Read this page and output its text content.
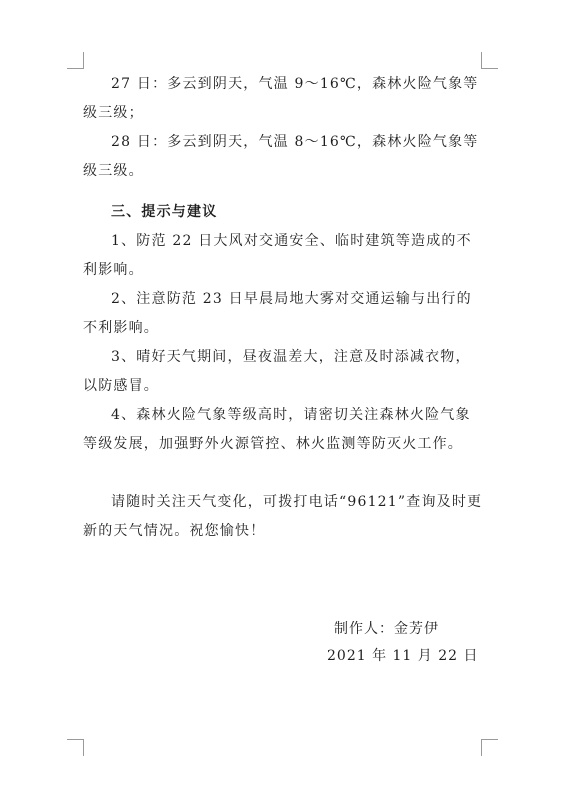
27 日：多云到阴天，气温 9～16℃，森林火险气象等级三级；

28 日：多云到阴天，气温 8～16℃，森林火险气象等级三级。

三、提示与建议

1、防范 22 日大风对交通安全、临时建筑等造成的不利影响。

2、注意防范 23 日早晨局地大雾对交通运输与出行的不利影响。

3、晴好天气期间，昼夜温差大，注意及时添减衣物，以防感冒。

4、森林火险气象等级高时，请密切关注森林火险气象等级发展，加强野外火源管控、林火监测等防灭火工作。

请随时关注天气变化，可拨打电话“96121”查询及时更新的天气情况。祝您愉快！

制作人：金芳伊
2021 年 11 月 22 日
